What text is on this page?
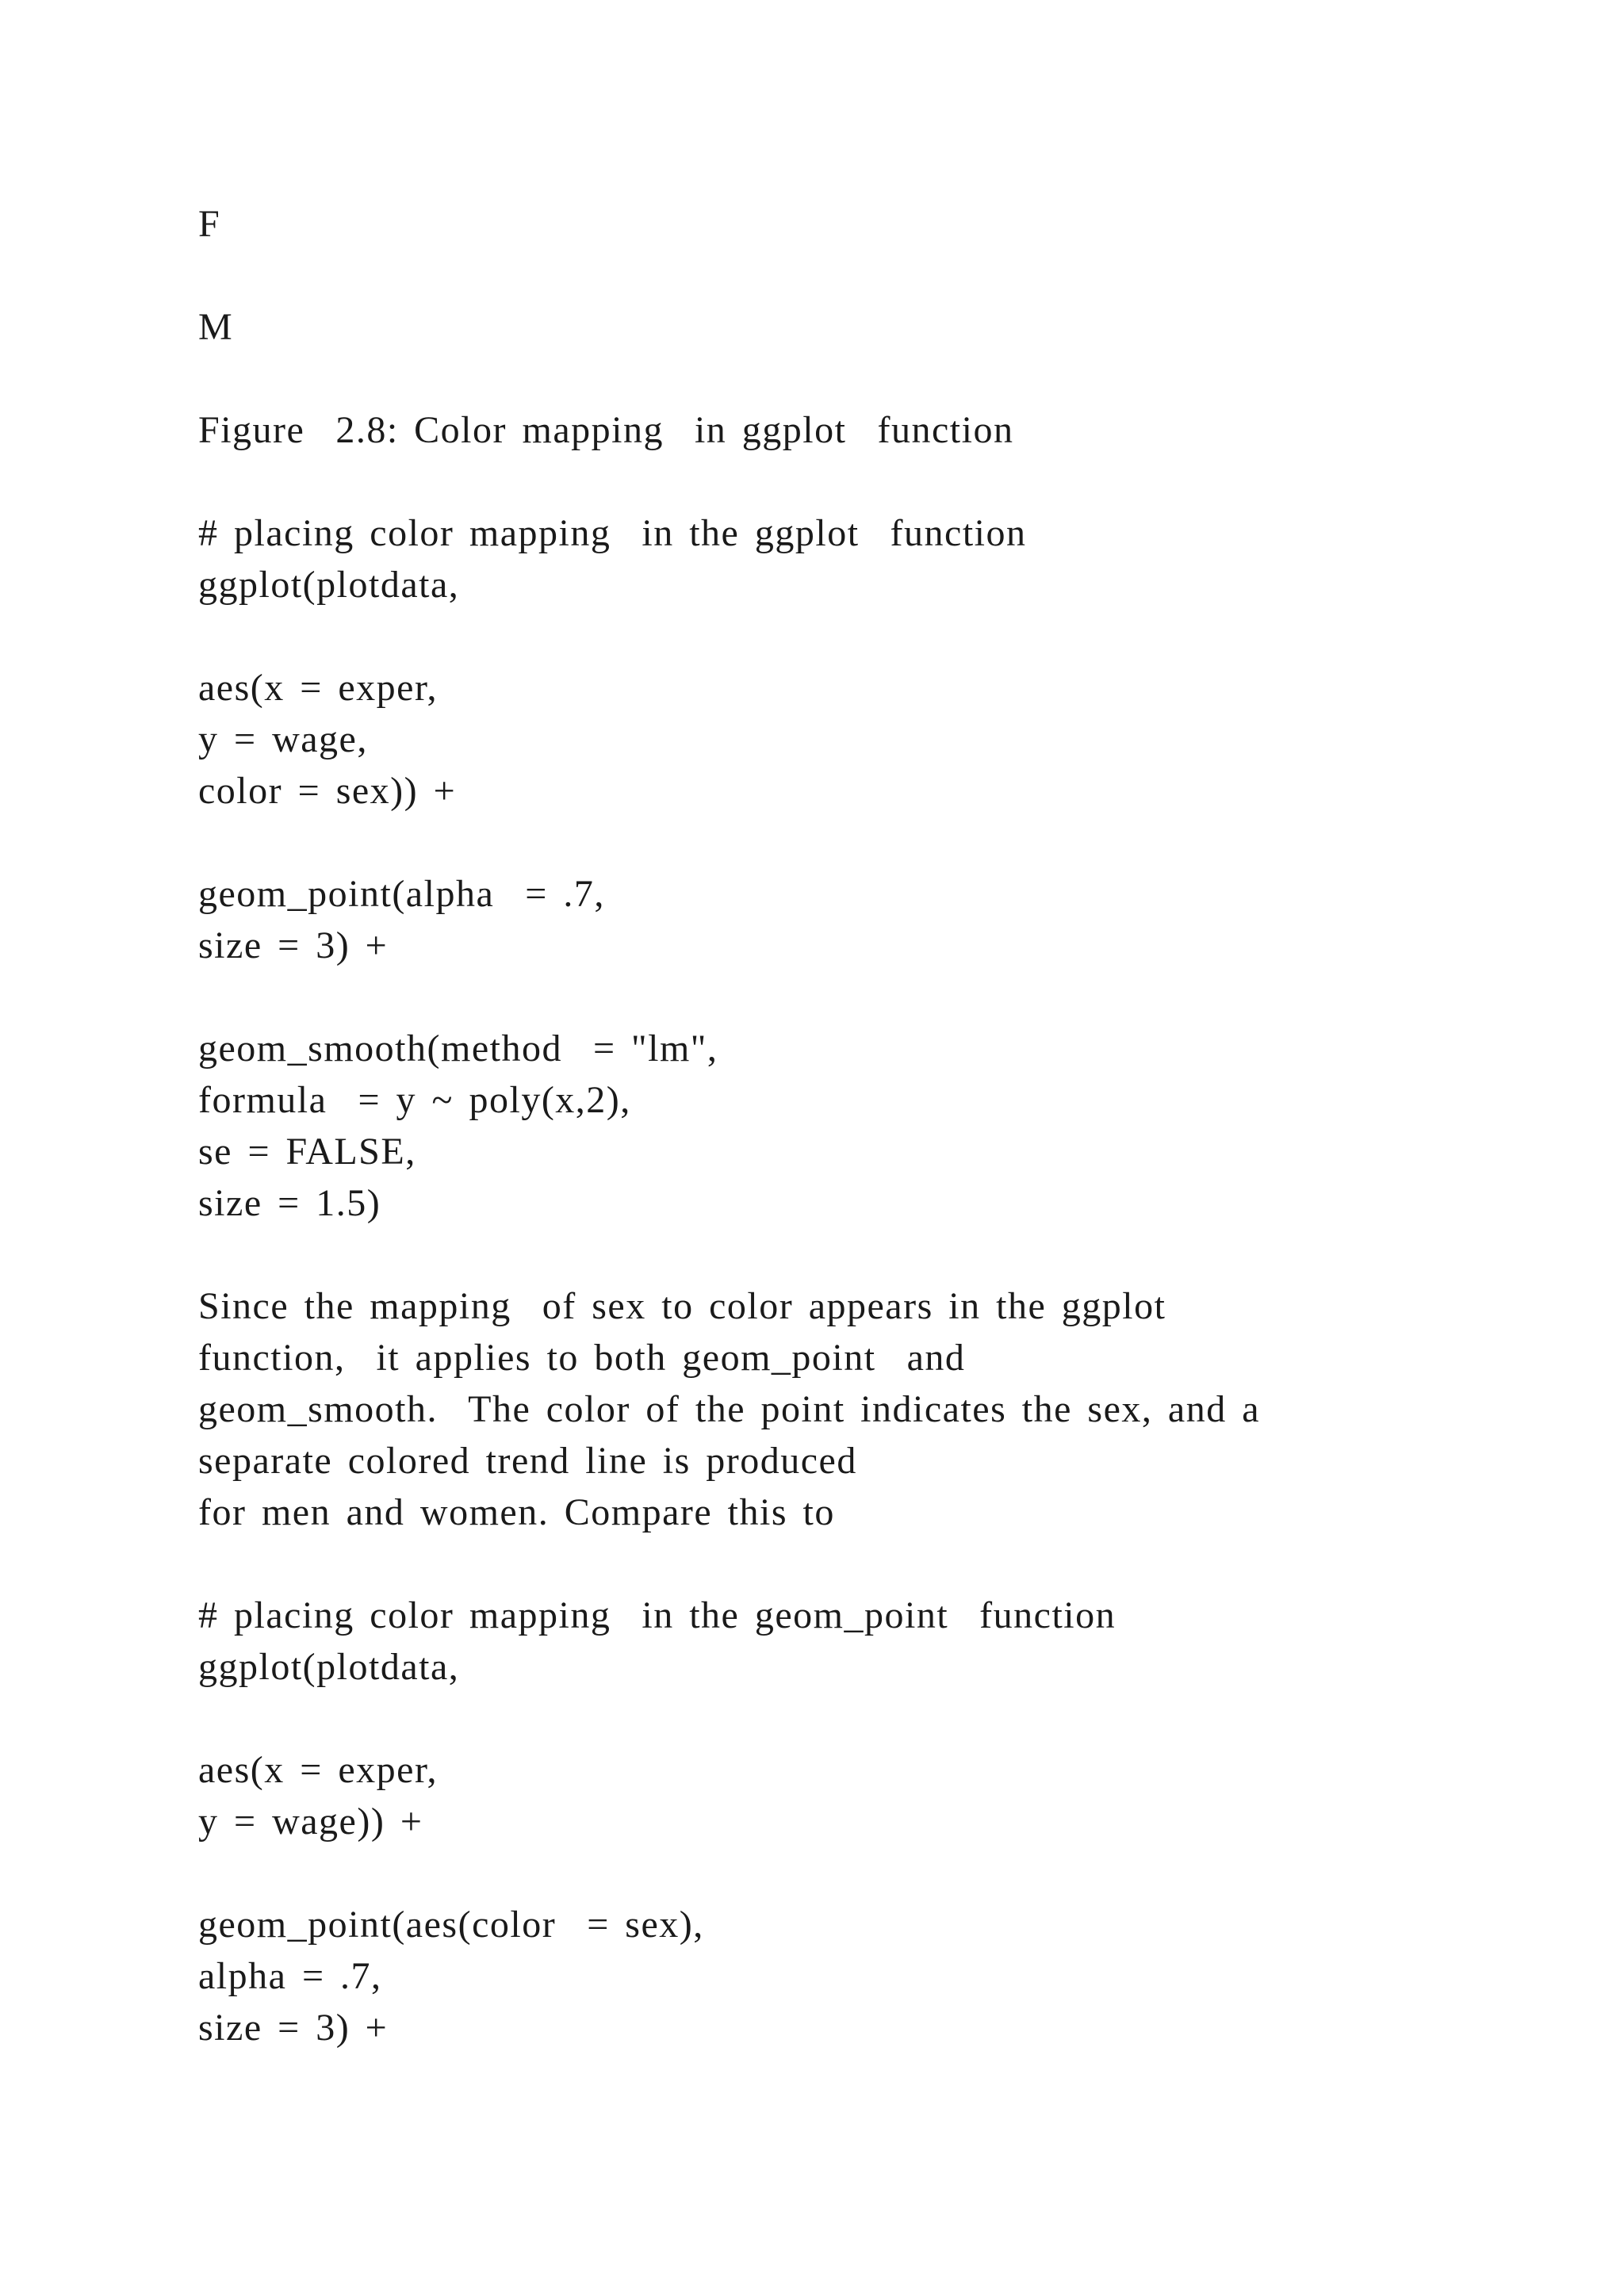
F
M
Figure  2.8: Color mapping  in ggplot  function
# placing color mapping  in the ggplot  function
ggplot(plotdata,
aes(x = exper,
y = wage,
color = sex)) +
geom_point(alpha  = .7,
size = 3) +
geom_smooth(method  = "lm",
formula  = y ~ poly(x,2),
se = FALSE,
size = 1.5)
Since the mapping  of sex to color appears in the ggplot
function,  it applies to both geom_point  and
geom_smooth.  The color of the point indicates the sex, and a
separate colored trend line is produced
for men and women. Compare this to
# placing color mapping  in the geom_point  function
ggplot(plotdata,
aes(x = exper,
y = wage)) +
geom_point(aes(color  = sex),
alpha = .7,
size = 3) +
